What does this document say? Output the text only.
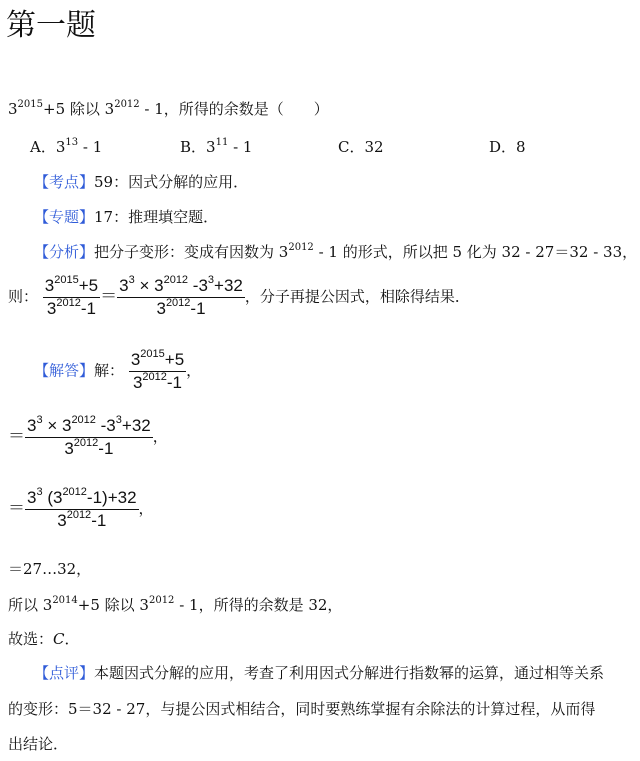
第一题
$3^{2015}+5$ 除以 $3^{2012} - 1$，所得的余数是（　　）
A．$3^{13} - 1$	B．$3^{11} - 1$	C．32	D．8
【考点】59：因式分解的应用．
【专题】17：推理填空题．
【分析】把分子变形：变成有因数为 $3^{2012} - 1$ 的形式，所以把 5 化为 32 - 27＝32 - 33，
则： $\frac{3^{2015}+5}{3^{2012}-1} = \frac{3^3 \times 3^{2012} -3^3+32}{3^{2012}-1}$ ，分子再提公因式，相除得结果．
【解答】解： $\frac{3^{2015}+5}{3^{2012}-1}$ ，
＝ $\frac{3^3 \times 3^{2012} -3^3+32}{3^{2012}-1}$ ，
＝ $\frac{3^3 (3^{2012}-1)+32}{3^{2012}-1}$ ，
＝27…32，
所以 $3^{2014}+5$ 除以 $3^{2012} - 1$，所得的余数是 32，
故选：C．
【点评】本题因式分解的应用，考查了利用因式分解进行指数幂的运算，通过相等关系
的变形：5＝32 - 27，与提公因式相结合，同时要熟练掌握有余除法的计算过程，从而得
出结论．
